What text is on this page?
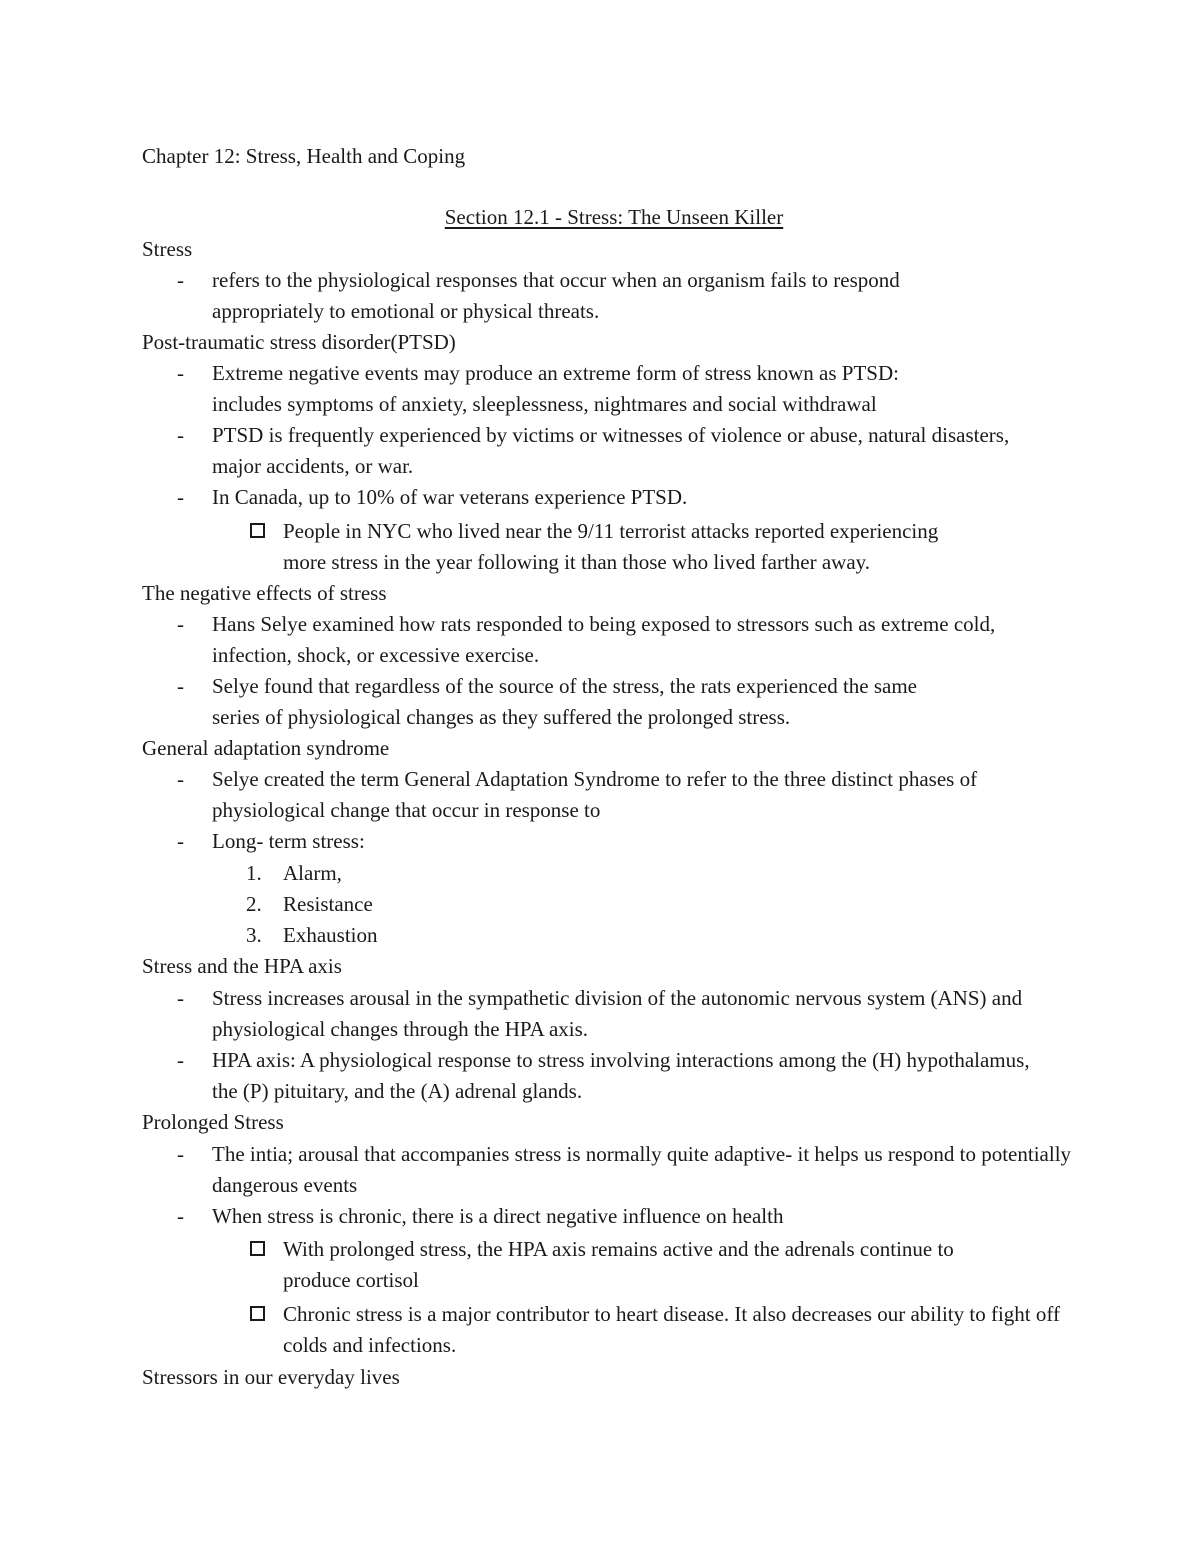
Chapter 12: Stress, Health and Coping
Section 12.1 - Stress: The Unseen Killer
Stress
- refers to the physiological responses that occur when an organism fails to respond
appropriately to emotional or physical threats.
Post-traumatic stress disorder(PTSD)
- Extreme negative events may produce an extreme form of stress known as PTSD:
includes symptoms of anxiety, sleeplessness, nightmares and social withdrawal
- PTSD is frequently experienced by victims or witnesses of violence or abuse, natural disasters,
major accidents, or war.
- In Canada, up to 10% of war veterans experience PTSD.
People in NYC who lived near the 9/11 terrorist attacks reported experiencing
more stress in the year following it than those who lived farther away.
The negative effects of stress
- Hans Selye examined how rats responded to being exposed to stressors such as extreme cold,
infection, shock, or excessive exercise.
- Selye found that regardless of the source of the stress, the rats experienced the same
series of physiological changes as they suffered the prolonged stress.
General adaptation syndrome
- Selye created the term General Adaptation Syndrome to refer to the three distinct phases of
physiological change that occur in response to
- Long- term stress:
1. Alarm,
2. Resistance
3. Exhaustion
Stress and the HPA axis
- Stress increases arousal in the sympathetic division of the autonomic nervous system (ANS) and
physiological changes through the HPA axis.
- HPA axis: A physiological response to stress involving interactions among the (H) hypothalamus,
the (P) pituitary, and the (A) adrenal glands.
Prolonged Stress
- The intia; arousal that accompanies stress is normally quite adaptive- it helps us respond to potentially
dangerous events
- When stress is chronic, there is a direct negative influence on health
With prolonged stress, the HPA axis remains active and the adrenals continue to
produce cortisol
Chronic stress is a major contributor to heart disease. It also decreases our ability to fight off
colds and infections.
Stressors in our everyday lives
